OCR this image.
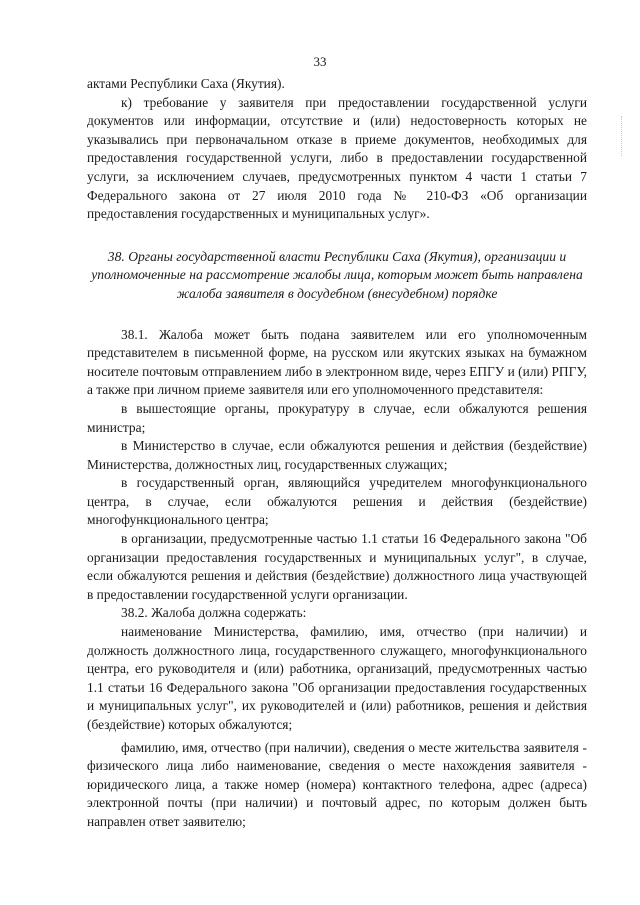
33

актами Республики Саха (Якутия).

к) требование у заявителя при предоставлении государственной услуги документов или информации, отсутствие и (или) недостоверность которых не указывались при первоначальном отказе в приеме документов, необходимых для предоставления государственной услуги, либо в предоставлении государственной услуги, за исключением случаев, предусмотренных пунктом 4 части 1 статьи 7 Федерального закона от 27 июля 2010 года № 210-ФЗ «Об организации предоставления государственных и муниципальных услуг».

38. Органы государственной власти Республики Саха (Якутия), организации и уполномоченные на рассмотрение жалобы лица, которым может быть направлена жалоба заявителя в досудебном (внесудебном) порядке

38.1. Жалоба может быть подана заявителем или его уполномоченным представителем в письменной форме, на русском или якутских языках на бумажном носителе почтовым отправлением либо в электронном виде, через ЕПГУ и (или) РПГУ, а также при личном приеме заявителя или его уполномоченного представителя:

в вышестоящие органы, прокуратуру в случае, если обжалуются решения министра;

в Министерство в случае, если обжалуются решения и действия (бездействие) Министерства, должностных лиц, государственных служащих;

в государственный орган, являющийся учредителем многофункционального центра, в случае, если обжалуются решения и действия (бездействие) многофункционального центра;

в организации, предусмотренные частью 1.1 статьи 16 Федерального закона "Об организации предоставления государственных и муниципальных услуг", в случае, если обжалуются решения и действия (бездействие) должностного лица участвующей в предоставлении государственной услуги организации.

38.2. Жалоба должна содержать:

наименование Министерства, фамилию, имя, отчество (при наличии) и должность должностного лица, государственного служащего, многофункционального центра, его руководителя и (или) работника, организаций, предусмотренных частью 1.1 статьи 16 Федерального закона "Об организации предоставления государственных и муниципальных услуг", их руководителей и (или) работников, решения и действия (бездействие) которых обжалуются;

фамилию, имя, отчество (при наличии), сведения о месте жительства заявителя - физического лица либо наименование, сведения о месте нахождения заявителя - юридического лица, а также номер (номера) контактного телефона, адрес (адреса) электронной почты (при наличии) и почтовый адрес, по которым должен быть направлен ответ заявителю;
